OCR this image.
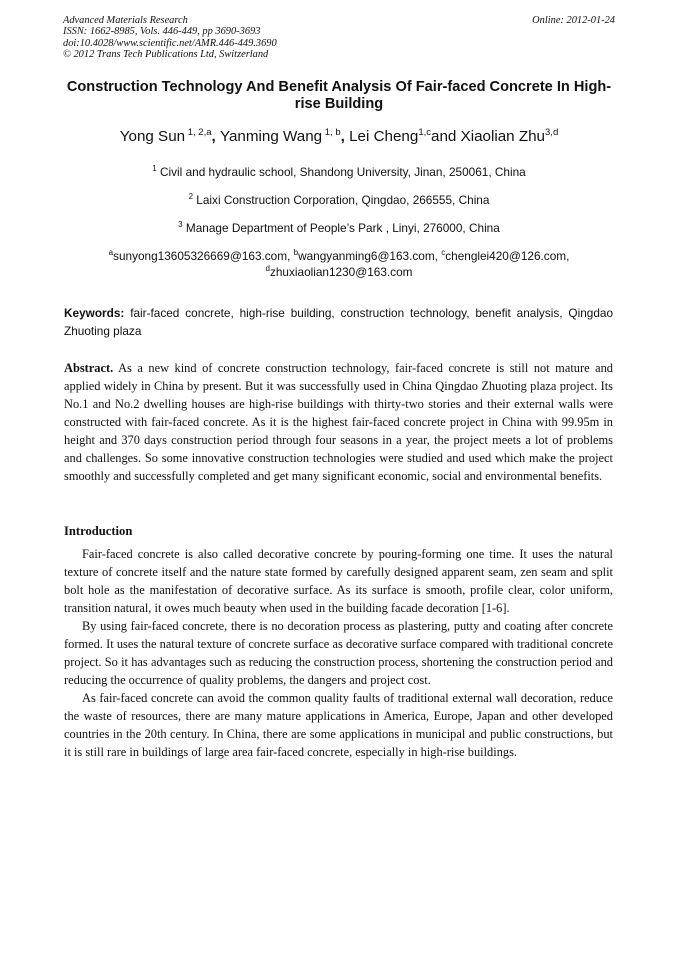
Advanced Materials Research
ISSN: 1662-8985, Vols. 446-449, pp 3690-3693
doi:10.4028/www.scientific.net/AMR.446-449.3690
© 2012 Trans Tech Publications Ltd, Switzerland
Online: 2012-01-24
Construction Technology And Benefit Analysis Of Fair-faced Concrete In High-rise Building
Yong Sun $^{1, 2,a}$, Yanming Wang $^{1, b}$, Lei Cheng$^{1,c}$and Xiaolian Zhu$^{3,d}$
$^1$ Civil and hydraulic school, Shandong University, Jinan, 250061, China
$^2$ Laixi Construction Corporation, Qingdao, 266555, China
$^3$ Manage Department of People’s Park , Linyi, 276000, China
$^a$sunyong13605326669@163.com, $^b$wangyanming6@163.com, $^c$chenglei420@126.com,
$^d$zhuxiaolian1230@163.com
Keywords: fair-faced concrete, high-rise building, construction technology, benefit analysis, Qingdao Zhuoting plaza
Abstract. As a new kind of concrete construction technology, fair-faced concrete is still not mature and applied widely in China by present. But it was successfully used in China Qingdao Zhuoting plaza project. Its No.1 and No.2 dwelling houses are high-rise buildings with thirty-two stories and their external walls were constructed with fair-faced concrete. As it is the highest fair-faced concrete project in China with 99.95m in height and 370 days construction period through four seasons in a year, the project meets a lot of problems and challenges. So some innovative construction technologies were studied and used which make the project smoothly and successfully completed and get many significant economic, social and environmental benefits.
Introduction

Fair-faced concrete is also called decorative concrete by pouring-forming one time. It uses the natural texture of concrete itself and the nature state formed by carefully designed apparent seam, zen seam and split bolt hole as the manifestation of decorative surface. As its surface is smooth, profile clear, color uniform, transition natural, it owes much beauty when used in the building facade decoration [1-6].

By using fair-faced concrete, there is no decoration process as plastering, putty and coating after concrete formed. It uses the natural texture of concrete surface as decorative surface compared with traditional concrete project. So it has advantages such as reducing the construction process, shortening the construction period and reducing the occurrence of quality problems, the dangers and project cost.

As fair-faced concrete can avoid the common quality faults of traditional external wall decoration, reduce the waste of resources, there are many mature applications in America, Europe, Japan and other developed countries in the 20th century. In China, there are some applications in municipal and public constructions, but it is still rare in buildings of large area fair-faced concrete, especially in high-rise buildings.
